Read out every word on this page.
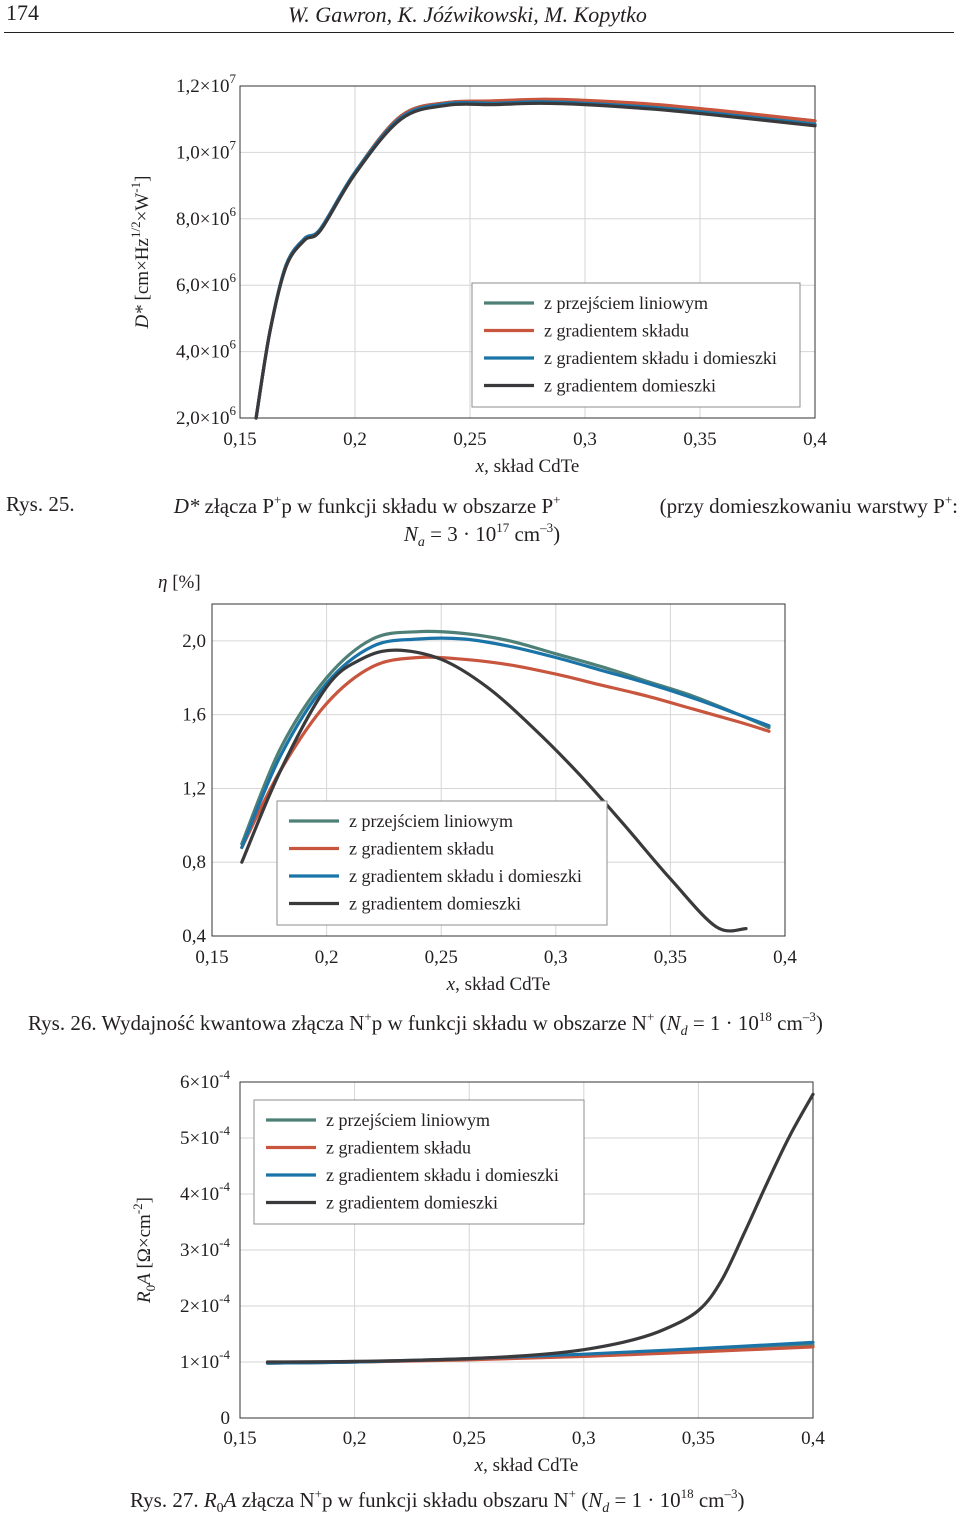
174	W. Gawron, K. Jóźwikowski, M. Kopytko
$2,0\times 10^6$
$4,0\times 10^6$
$6,0\times 10^6$
$8,0\times 10^6$
$1,0\times 10^7$
$1,2\times 10^7$
0,15	0,2	0,25	0,3	0,35	0,4
x, skład CdTe
D* $[cm\times Hz^{1/2}\times W^{-1}]$
z przejściem liniowym
z gradientem składu
z gradientem składu i domieszki
z gradientem domieszki
Rys. 25.	D* złącza P+p w funkcji składu w obszarze P+	(przy domieszkowaniu warstwy P+:
$N_a = 3 \cdot 10^{17}$ $cm^{-3}$)
0,4
0,8
1,2
1,6
2,0
0,15	0,2	0,25	0,3	0,35	0,4
x, skład CdTe
η [%]
z przejściem liniowym
z gradientem składu
z gradientem składu i domieszki
z gradientem domieszki
Rys. 26. Wydajność kwantowa złącza N+p w funkcji składu w obszarze N+ ($N_d = 1 \cdot 10^{18}$ $cm^{-3}$)
0
$1\times 10^{-4}$
$2\times 10^{-4}$
$3\times 10^{-4}$
$4\times 10^{-4}$
$5\times 10^{-4}$
$6\times 10^{-4}$
0,15	0,2	0,25	0,3	0,35	0,4
x, skład CdTe
$R_0A$ $[\Omega\times cm^{-2}]$
z przejściem liniowym
z gradientem składu
z gradientem składu i domieszki
z gradientem domieszki
Rys. 27. $R_0A$ złącza N+p w funkcji składu obszaru N+ ($N_d = 1 \cdot 10^{18}$ $cm^{-3}$)
